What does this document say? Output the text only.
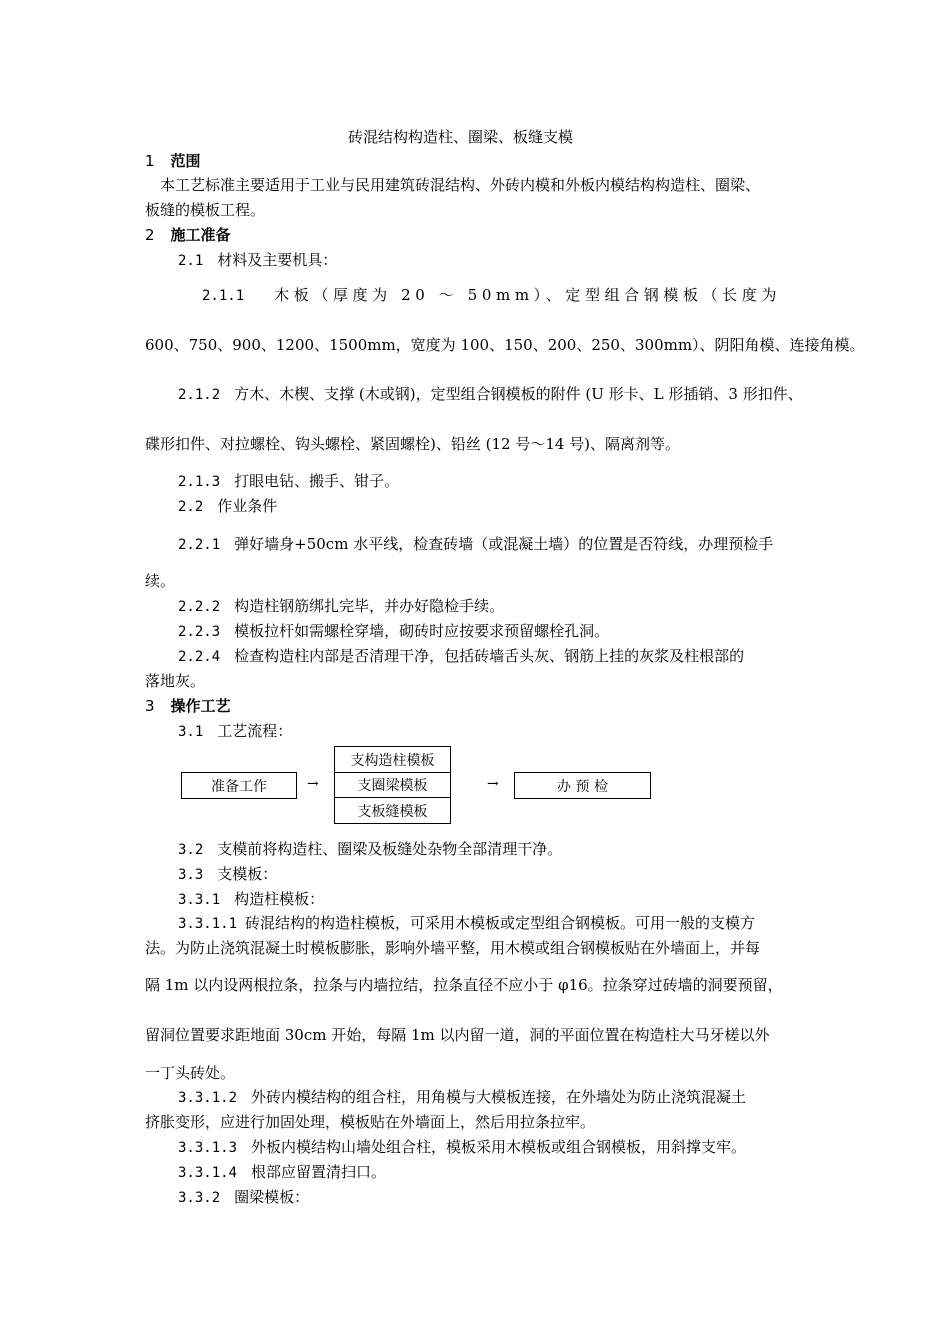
砖混结构构造柱、圈梁、板缝支模
1 范围
本工艺标准主要适用于工业与民用建筑砖混结构、外砖内模和外板内模结构构造柱、圈梁、
板缝的模板工程。
2 施工准备
2.1 材料及主要机具：
2.1.1 木板（厚度为 20 ～ 50mm）、定型组合钢模板（长度为
600、750、900、1200、1500mm，宽度为 100、150、200、250、300mm）、阴阳角模、连接角模。
2.1.2 方木、木楔、支撑 (木或钢)，定型组合钢模板的附件 (U 形卡、L 形插销、3 形扣件、
碟形扣件、对拉螺栓、钩头螺栓、紧固螺栓)、铅丝 (12 号～14 号)、隔离剂等。
2.1.3 打眼电钻、搬手、钳子。
2.2 作业条件
2.2.1 弹好墙身+50cm 水平线，检查砖墙（或混凝土墙）的位置是否符线，办理预检手
续。
2.2.2 构造柱钢筋绑扎完毕，并办好隐检手续。
2.2.3 模板拉杆如需螺栓穿墙，砌砖时应按要求预留螺栓孔洞。
2.2.4 检查构造柱内部是否清理干净，包括砖墙舌头灰、钢筋上挂的灰浆及柱根部的
落地灰。
3 操作工艺
3.1 工艺流程：
准备工作	→
支构造柱模板
支圈梁模板
支板缝模板
→	办 预 检
3.2 支模前将构造柱、圈梁及板缝处杂物全部清理干净。
3.3 支模板：
3.3.1 构造柱模板：
3.3.1.1 砖混结构的构造柱模板，可采用木模板或定型组合钢模板。可用一般的支模方
法。为防止浇筑混凝土时模板膨胀，影响外墙平整，用木模或组合钢模板贴在外墙面上，并每
隔 1m 以内设两根拉条，拉条与内墙拉结，拉条直径不应小于 φ16。拉条穿过砖墙的洞要预留，
留洞位置要求距地面 30cm 开始，每隔 1m 以内留一道，洞的平面位置在构造柱大马牙槎以外
一丁头砖处。
3.3.1.2 外砖内模结构的组合柱，用角模与大模板连接，在外墙处为防止浇筑混凝土
挤胀变形，应进行加固处理，模板贴在外墙面上，然后用拉条拉牢。
3.3.1.3 外板内模结构山墙处组合柱，模板采用木模板或组合钢模板，用斜撑支牢。
3.3.1.4 根部应留置清扫口。
3.3.2 圈梁模板：
